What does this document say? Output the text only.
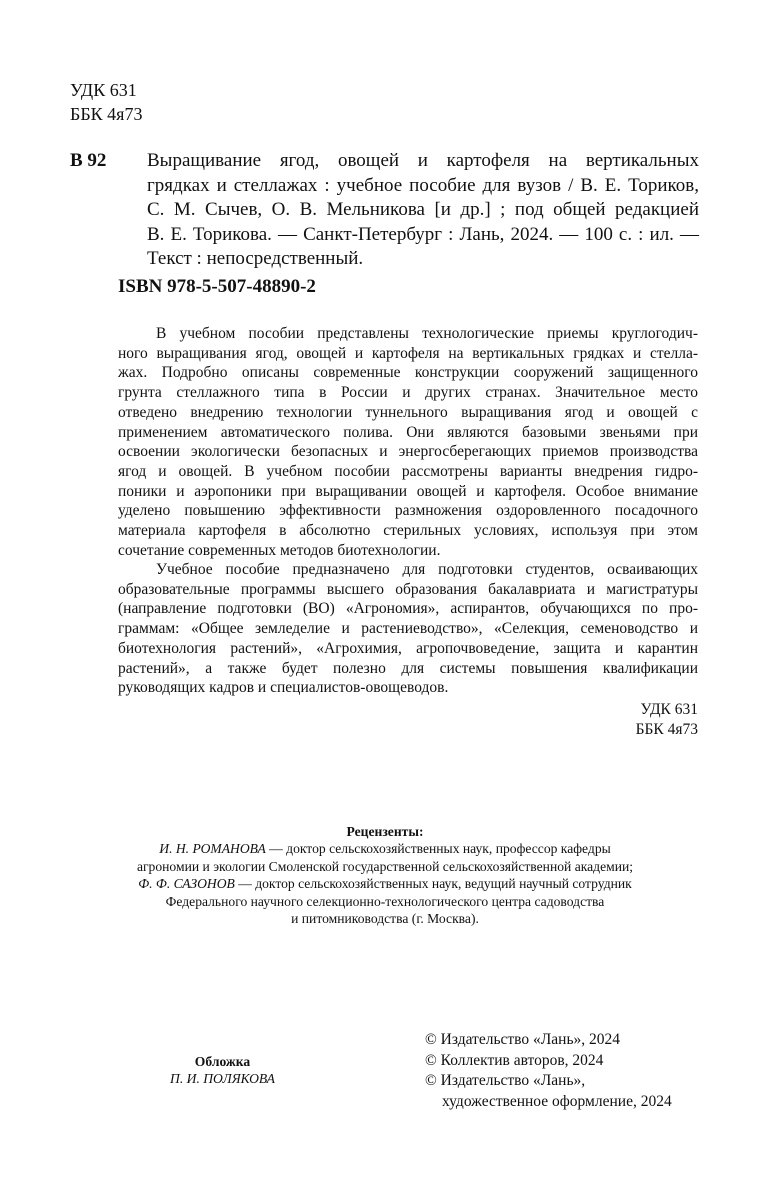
УДК 631
ББК 4я73
В 92 Выращивание ягод, овощей и картофеля на вертикальных
грядках и стеллажах : учебное пособие для вузов / В. Е. Ториков,
С. М. Сычев, О. В. Мельникова [и др.] ; под общей редакцией
В. Е. Торикова. — Санкт-Петербург : Лань, 2024. — 100 с. : ил. —
Текст : непосредственный.
ISBN 978-5-507-48890-2
В учебном пособии представлены технологические приемы круглогодич-
ного выращивания ягод, овощей и картофеля на вертикальных грядках и стелла-
жах. Подробно описаны современные конструкции сооружений защищенного
грунта стеллажного типа в России и других странах. Значительное место
отведено внедрению технологии туннельного выращивания ягод и овощей с
применением автоматического полива. Они являются базовыми звеньями при
освоении экологически безопасных и энергосберегающих приемов производства
ягод и овощей. В учебном пособии рассмотрены варианты внедрения гидро-
поники и аэропоники при выращивании овощей и картофеля. Особое внимание
уделено повышению эффективности размножения оздоровленного посадочного
материала картофеля в абсолютно стерильных условиях, используя при этом
сочетание современных методов биотехнологии.
Учебное пособие предназначено для подготовки студентов, осваивающих
образовательные программы высшего образования бакалавриата и магистратуры
(направление подготовки (ВО) «Агрономия», аспирантов, обучающихся по про-
граммам: «Общее земледелие и растениеводство», «Селекция, семеноводство и
биотехнология растений», «Агрохимия, агропочвоведение, защита и карантин
растений», а также будет полезно для системы повышения квалификации
руководящих кадров и специалистов-овощеводов.
УДК 631
ББК 4я73
Рецензенты:
И. Н. РОМАНОВА — доктор сельскохозяйственных наук, профессор кафедры
агрономии и экологии Смоленской государственной сельскохозяйственной академии;
Ф. Ф. САЗОНОВ — доктор сельскохозяйственных наук, ведущий научный сотрудник
Федерального научного селекционно-технологического центра садоводства
и питомниководства (г. Москва).
Обложка
П. И. ПОЛЯКОВА
© Издательство «Лань», 2024
© Коллектив авторов, 2024
© Издательство «Лань»,
художественное оформление, 2024
